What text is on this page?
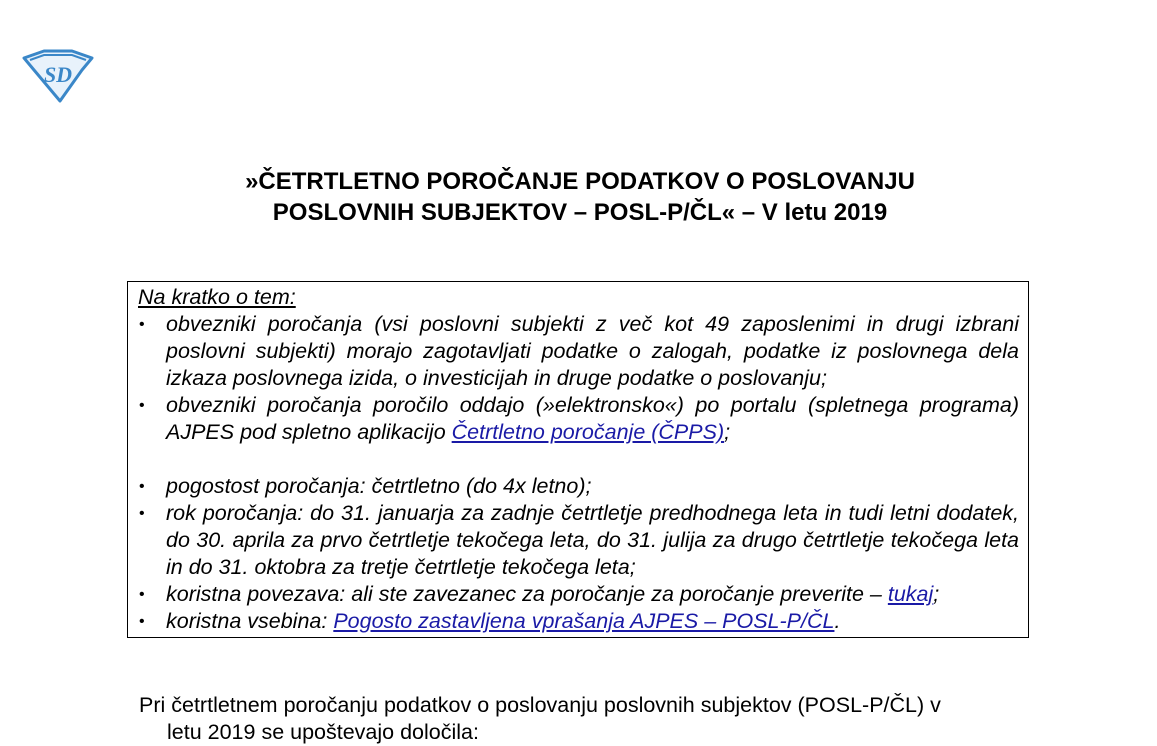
SD
»ČETRTLETNO POROČANJE PODATKOV O POSLOVANJU
POSLOVNIH SUBJEKTOV – POSL-P/ČL« – V letu 2019
Na kratko o tem:
• obvezniki poročanja (vsi poslovni subjekti z več kot 49 zaposlenimi in drugi izbrani poslovni subjekti) morajo zagotavljati podatke o zalogah, podatke iz poslovnega dela izkaza poslovnega izida, o investicijah in druge podatke o poslovanju;
• obvezniki poročanja poročilo oddajo (»elektronsko«) po portalu (spletnega programa) AJPES pod spletno aplikacijo Četrtletno poročanje (ČPPS);
• pogostost poročanja: četrtletno (do 4x letno);
• rok poročanja: do 31. januarja za zadnje četrtletje predhodnega leta in tudi letni dodatek, do 30. aprila za prvo četrtletje tekočega leta, do 31. julija za drugo četrtletje tekočega leta in do 31. oktobra za tretje četrtletje tekočega leta;
• koristna povezava: ali ste zavezanec za poročanje za poročanje preverite – tukaj;
• koristna vsebina: Pogosto zastavljena vprašanja AJPES – POSL-P/ČL.
Pri četrtletnem poročanju podatkov o poslovanju poslovnih subjektov (POSL-P/ČL) v
letu 2019 se upoštevajo določila:
